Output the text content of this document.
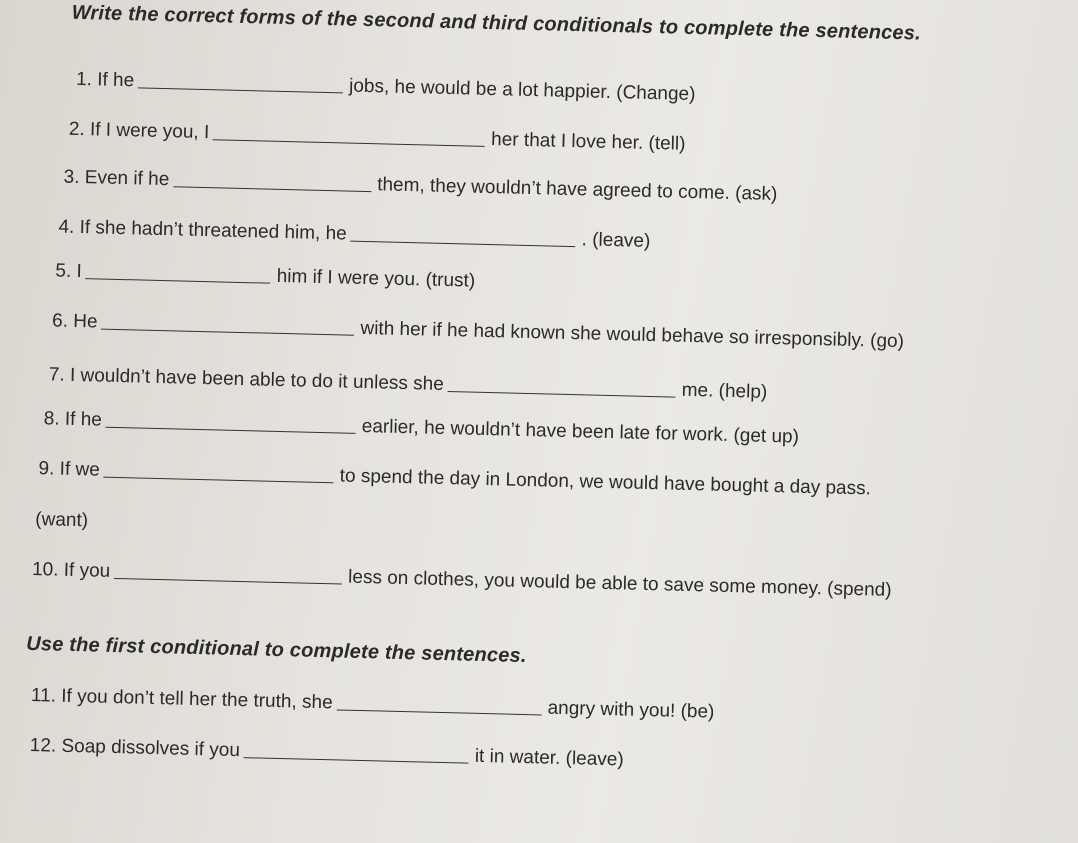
Write the correct forms of the second and third conditionals to complete the sentences.
1. If he	jobs, he would be a lot happier. (Change)
2. If I were you, I	her that I love her. (tell)
3. Even if he	them, they wouldn’t have agreed to come. (ask)
4. If she hadn’t threatened him, he	. (leave)
5. I	him if I were you. (trust)
6. He	with her if he had known she would behave so irresponsibly. (go)
7. I wouldn’t have been able to do it unless she	me. (help)
8. If he	earlier, he wouldn’t have been late for work. (get up)
9. If we	to spend the day in London, we would have bought a day pass.
(want)
10. If you	less on clothes, you would be able to save some money. (spend)
Use the first conditional to complete the sentences.
11. If you don’t tell her the truth, she	angry with you! (be)
12. Soap dissolves if you	it in water. (leave)
